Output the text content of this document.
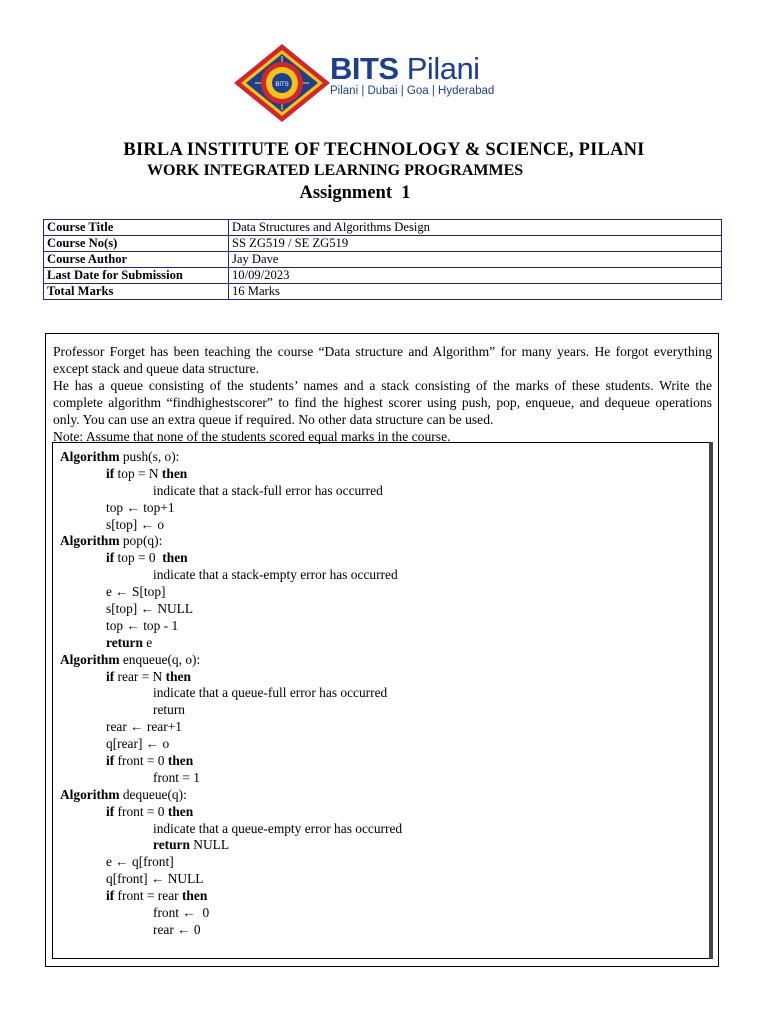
BITS BITS Pilani
Pilani | Dubai | Goa | Hyderabad
BIRLA INSTITUTE OF TECHNOLOGY & SCIENCE, PILANI
WORK INTEGRATED LEARNING PROGRAMMES
Assignment  1
Course Title	Data Structures and Algorithms Design
Course No(s)	SS ZG519 / SE ZG519
Course Author	Jay Dave
Last Date for Submission	10/09/2023
Total Marks	16 Marks
Professor Forget has been teaching the course “Data structure and Algorithm” for many years. He forgot everything except stack and queue data structure.
He has a queue consisting of the students’ names and a stack consisting of the marks of these students. Write the complete algorithm “findhighestscorer” to find the highest scorer using push, pop, enqueue, and dequeue operations only. You can use an extra queue if required. No other data structure can be used.
Note: Assume that none of the students scored equal marks in the course.
Algorithm push(s, o):
if top = N then
indicate that a stack-full error has occurred
top ← top+1
s[top] ← o
Algorithm pop(q):
if top = 0  then
indicate that a stack-empty error has occurred
e ← S[top]
s[top] ← NULL
top ← top - 1
return e
Algorithm enqueue(q, o):
if rear = N then
indicate that a queue-full error has occurred
return
rear ← rear+1
q[rear] ← o
if front = 0 then
front = 1
Algorithm dequeue(q):
if front = 0 then
indicate that a queue-empty error has occurred
return NULL
e ← q[front]
q[front] ← NULL
if front = rear then
front ←  0
rear ← 0
